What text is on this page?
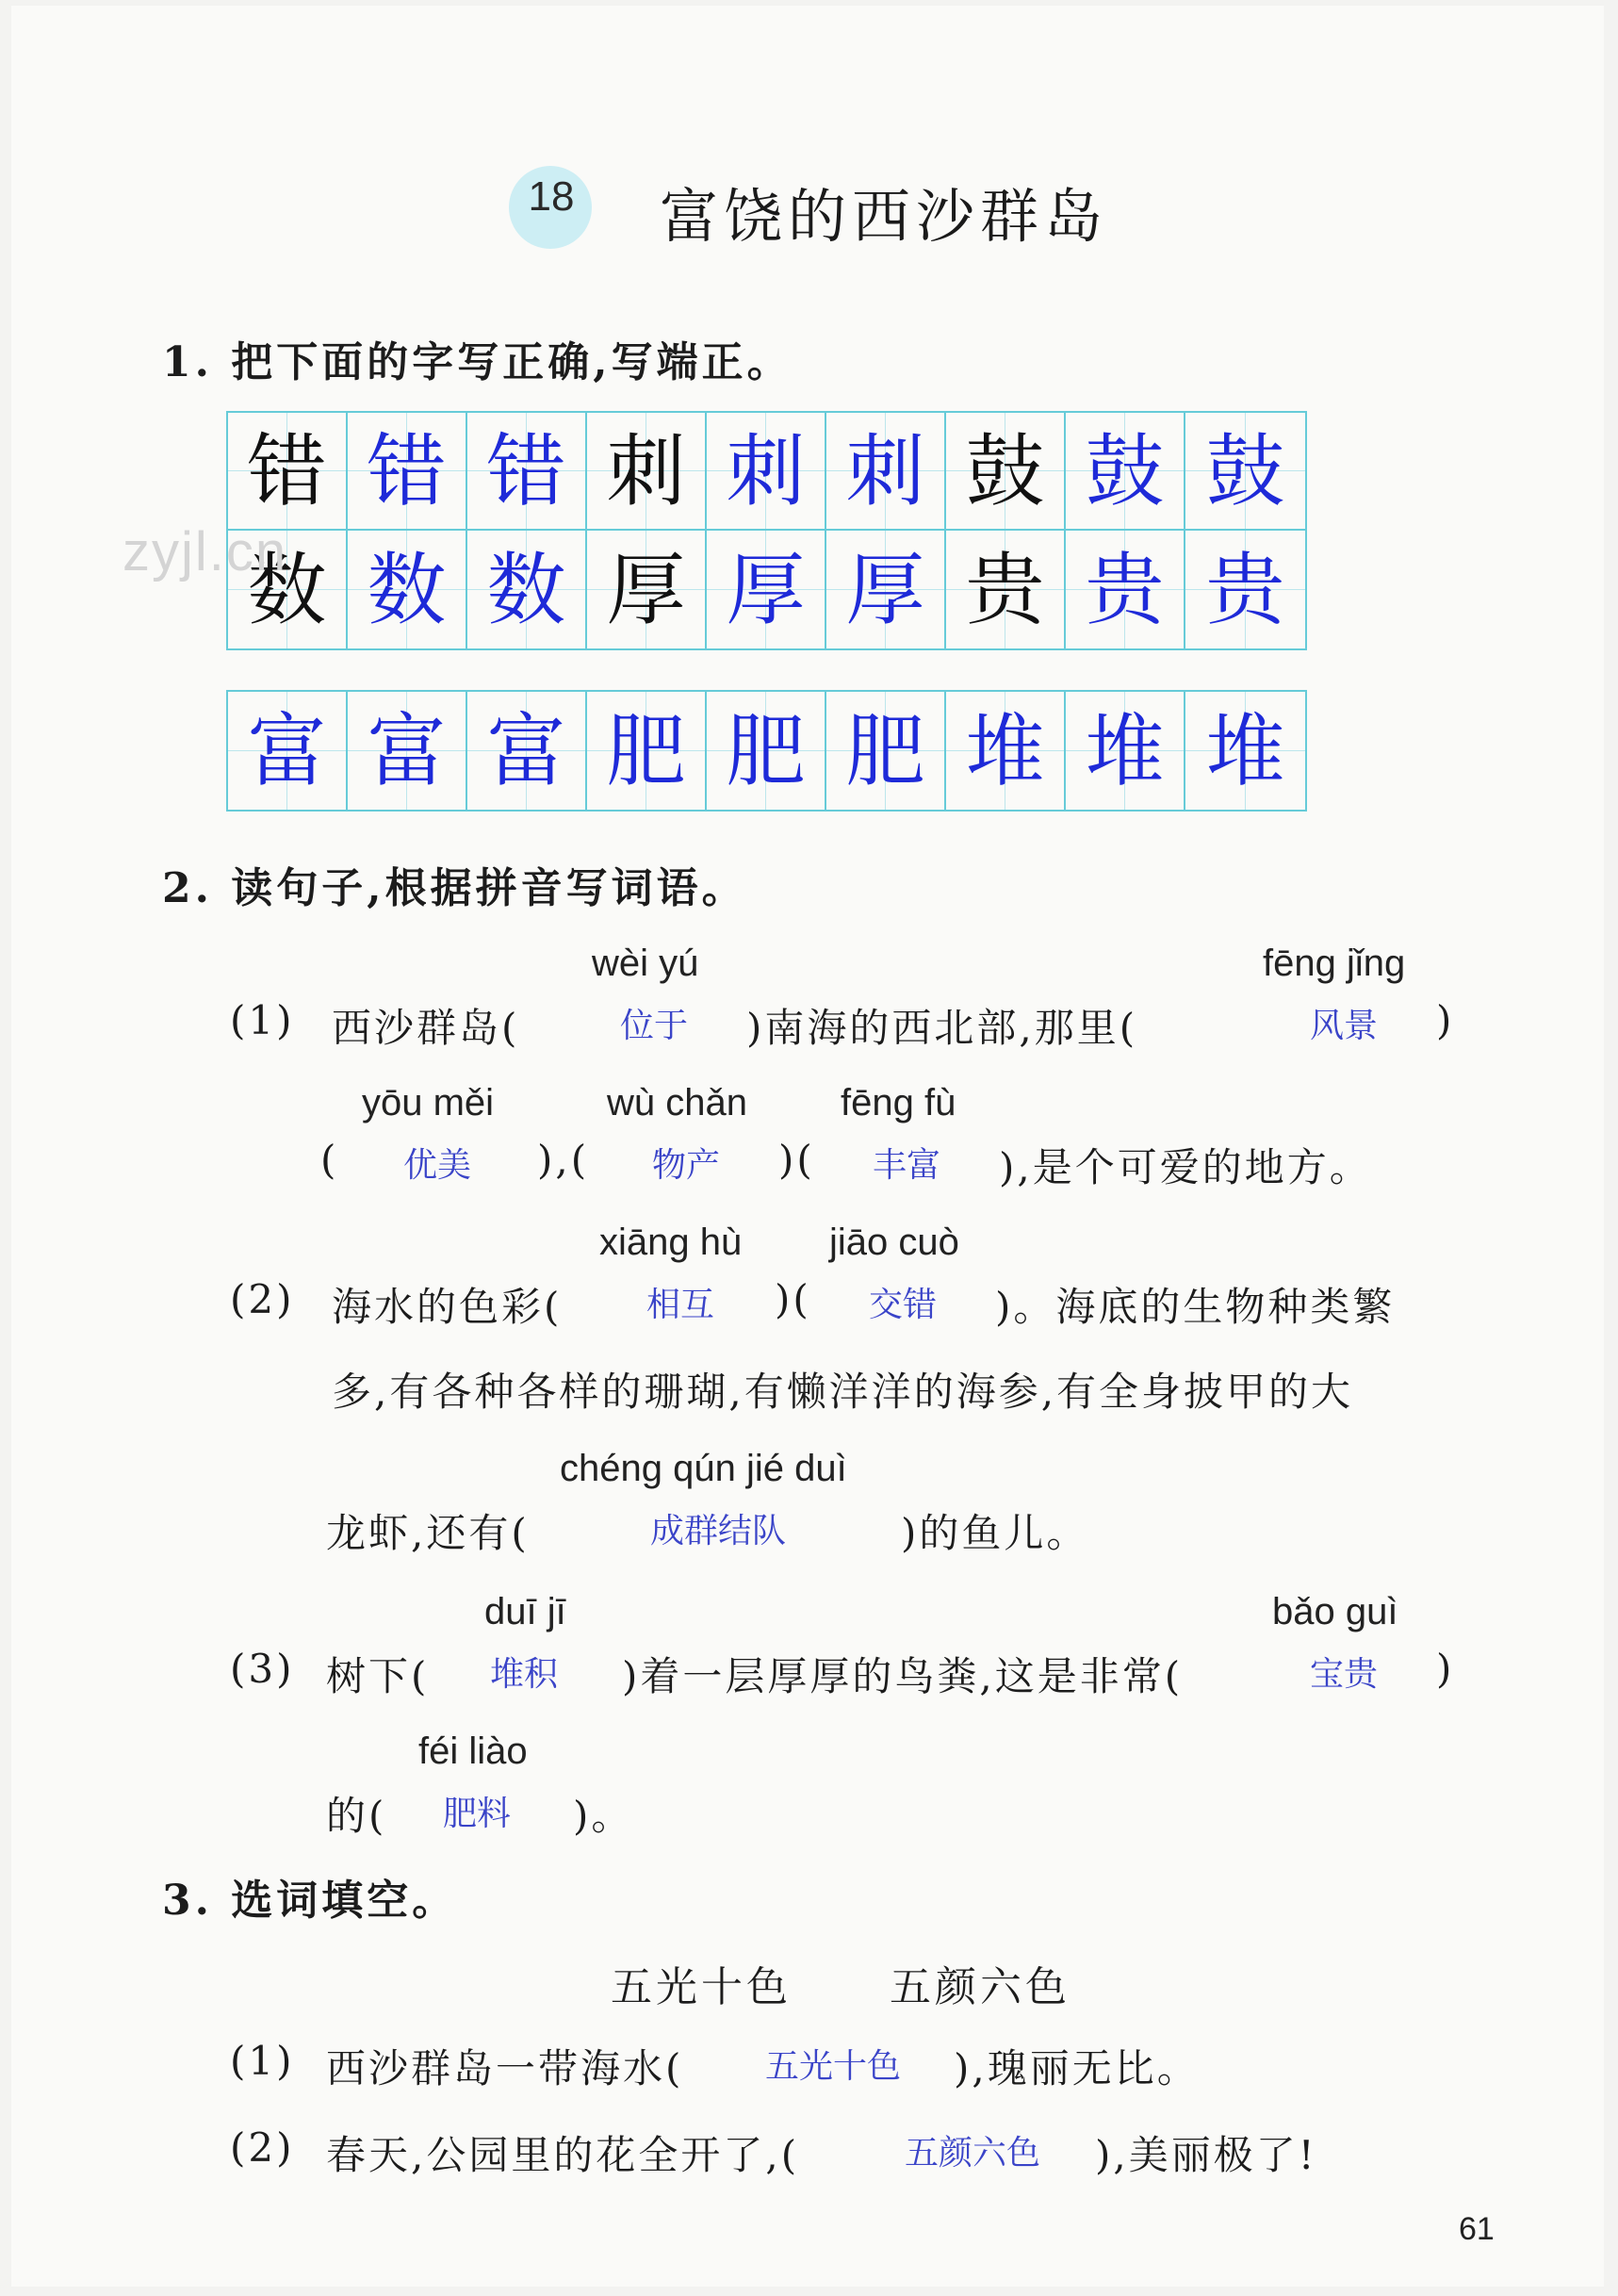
18 富饶的西沙群岛
1. 把下面的字写正确,写端正。
错 错 错 刺 刺 刺 鼓 鼓 鼓
数 数 数 厚 厚 厚 贵 贵 贵
富 富 富 肥 肥 肥 堆 堆 堆
zyjl.cn
2. 读句子,根据拼音写词语。
wèi yú	fēng jǐng
(1) 西沙群岛(	位于 )南海的西北部,那里(	风景 )
yōu měi	wù chǎn fēng fù
( 优美 ),( 物产 )( 丰富 ),是个可爱的地方。
xiāng hù jiāo cuò
(2) 海水的色彩( 相互 )( 交错 )。海底的生物种类繁
多,有各种各样的珊瑚,有懒洋洋的海参,有全身披甲的大
chéng qún jié duì
龙虾,还有(	成群结队	)的鱼儿。
duī jī	bǎo guì
(3) 树下( 堆积 )着一层厚厚的鸟粪,这是非常(	宝贵 )
féi liào
的( 肥料 )。
3. 选词填空。
五光十色 五颜六色
(1) 西沙群岛一带海水( 五光十色 ),瑰丽无比。
(2) 春天,公园里的花全开了,(	五颜六色 ),美丽极了!
61
